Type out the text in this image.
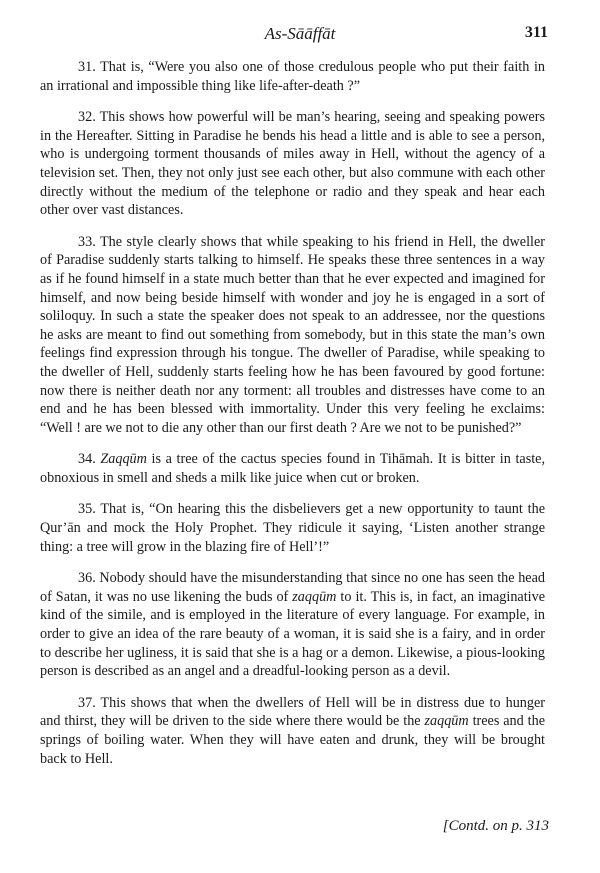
As-Sāāffāt	311

31. That is, “Were you also one of those credulous people who put their faith in an irrational and impossible thing like life-after-death ?”

32. This shows how powerful will be man’s hearing, seeing and speaking powers in the Hereafter. Sitting in Paradise he bends his head a little and is able to see a person, who is undergoing torment thousands of miles away in Hell, without the agency of a television set. Then, they not only just see each other, but also commune with each other directly without the medium of the telephone or radio and they speak and hear each other over vast distances.

33. The style clearly shows that while speaking to his friend in Hell, the dweller of Paradise suddenly starts talking to himself. He speaks these three sentences in a way as if he found himself in a state much better than that he ever expected and imagined for himself, and now being beside himself with wonder and joy he is engaged in a sort of soliloquy. In such a state the speaker does not speak to an addressee, nor the questions he asks are meant to find out something from somebody, but in this state the man’s own feelings find expression through his tongue. The dweller of Paradise, while speaking to the dweller of Hell, suddenly starts feeling how he has been favoured by good fortune: now there is neither death nor any torment: all troubles and distresses have come to an end and he has been blessed with immortality. Under this very feeling he exclaims: “Well ! are we not to die any other than our first death ? Are we not to be punished?”

34. Zaqqūm is a tree of the cactus species found in Tihāmah. It is bitter in taste, obnoxious in smell and sheds a milk like juice when cut or broken.

35. That is, “On hearing this the disbelievers get a new opportunity to taunt the Qur’ān and mock the Holy Prophet. They ridicule it saying, ‘Listen another strange thing: a tree will grow in the blazing fire of Hell’!”

36. Nobody should have the misunderstanding that since no one has seen the head of Satan, it was no use likening the buds of zaqqūm to it. This is, in fact, an imaginative kind of the simile, and is employed in the literature of every language. For example, in order to give an idea of the rare beauty of a woman, it is said she is a fairy, and in order to describe her ugliness, it is said that she is a hag or a demon. Likewise, a pious-looking person is described as an angel and a dreadful-looking person as a devil.

37. This shows that when the dwellers of Hell will be in distress due to hunger and thirst, they will be driven to the side where there would be the zaqqūm trees and the springs of boiling water. When they will have eaten and drunk, they will be brought back to Hell.

[Contd. on p. 313
